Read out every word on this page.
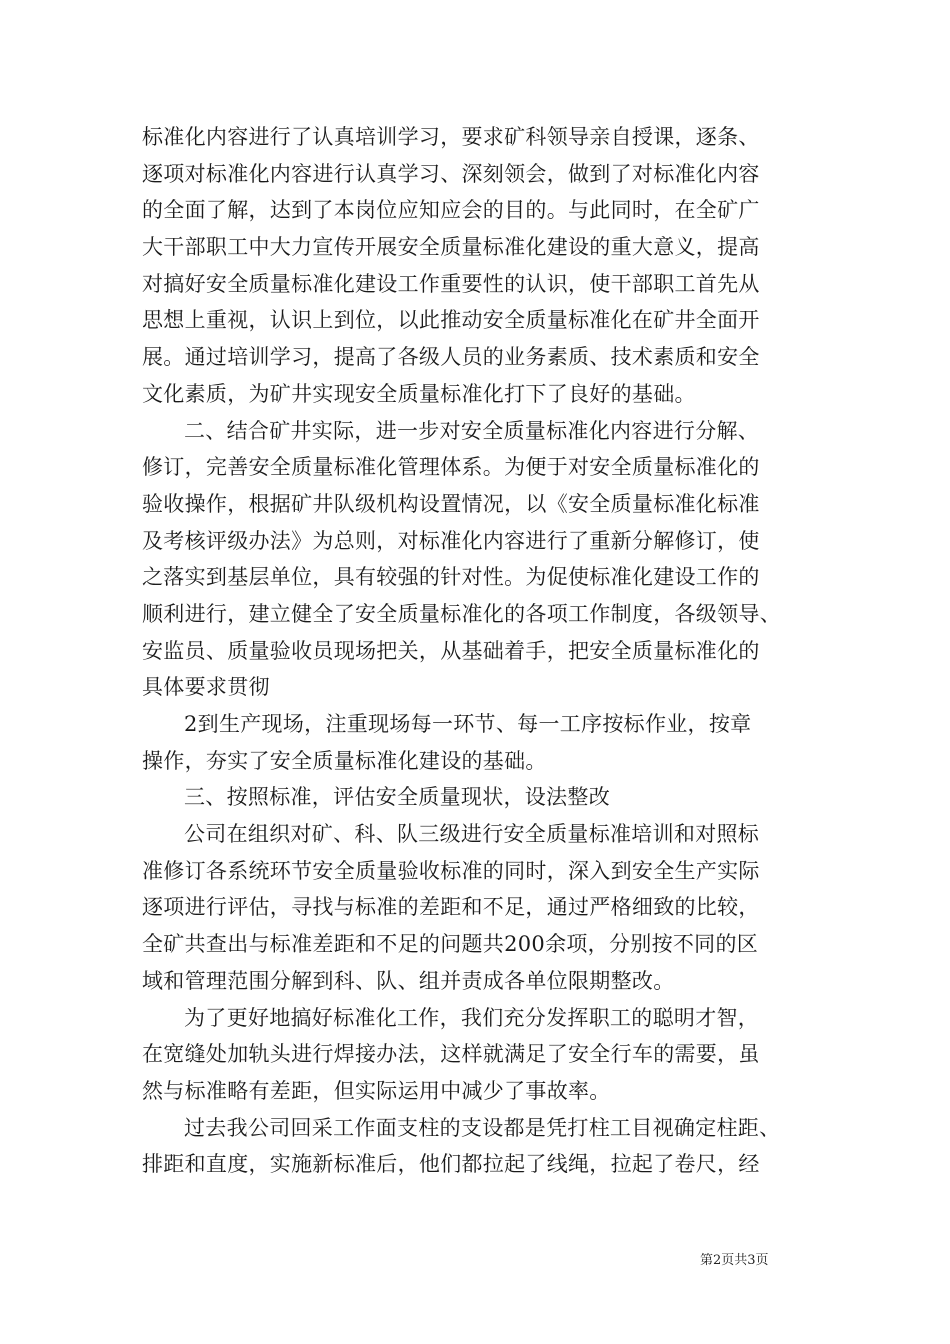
标准化内容进行了认真培训学习，要求矿科领导亲自授课，逐条、
逐项对标准化内容进行认真学习、深刻领会，做到了对标准化内容
的全面了解，达到了本岗位应知应会的目的。与此同时，在全矿广
大干部职工中大力宣传开展安全质量标准化建设的重大意义，提高
对搞好安全质量标准化建设工作重要性的认识，使干部职工首先从
思想上重视，认识上到位，以此推动安全质量标准化在矿井全面开
展。通过培训学习，提高了各级人员的业务素质、技术素质和安全
文化素质，为矿井实现安全质量标准化打下了良好的基础。
二、结合矿井实际，进一步对安全质量标准化内容进行分解、
修订，完善安全质量标准化管理体系。为便于对安全质量标准化的
验收操作，根据矿井队级机构设置情况，以《安全质量标准化标准
及考核评级办法》为总则，对标准化内容进行了重新分解修订，使
之落实到基层单位，具有较强的针对性。为促使标准化建设工作的
顺利进行，建立健全了安全质量标准化的各项工作制度，各级领导、
安监员、质量验收员现场把关，从基础着手，把安全质量标准化的
具体要求贯彻
2到生产现场，注重现场每一环节、每一工序按标作业，按章
操作，夯实了安全质量标准化建设的基础。
三、按照标准，评估安全质量现状，设法整改
公司在组织对矿、科、队三级进行安全质量标准培训和对照标
准修订各系统环节安全质量验收标准的同时，深入到安全生产实际
逐项进行评估，寻找与标准的差距和不足，通过严格细致的比较，
全矿共查出与标准差距和不足的问题共200余项，分别按不同的区
域和管理范围分解到科、队、组并责成各单位限期整改。
为了更好地搞好标准化工作，我们充分发挥职工的聪明才智，
在宽缝处加轨头进行焊接办法，这样就满足了安全行车的需要，虽
然与标准略有差距，但实际运用中减少了事故率。
过去我公司回采工作面支柱的支设都是凭打柱工目视确定柱距、
排距和直度，实施新标准后，他们都拉起了线绳，拉起了卷尺，经
第2页共3页
